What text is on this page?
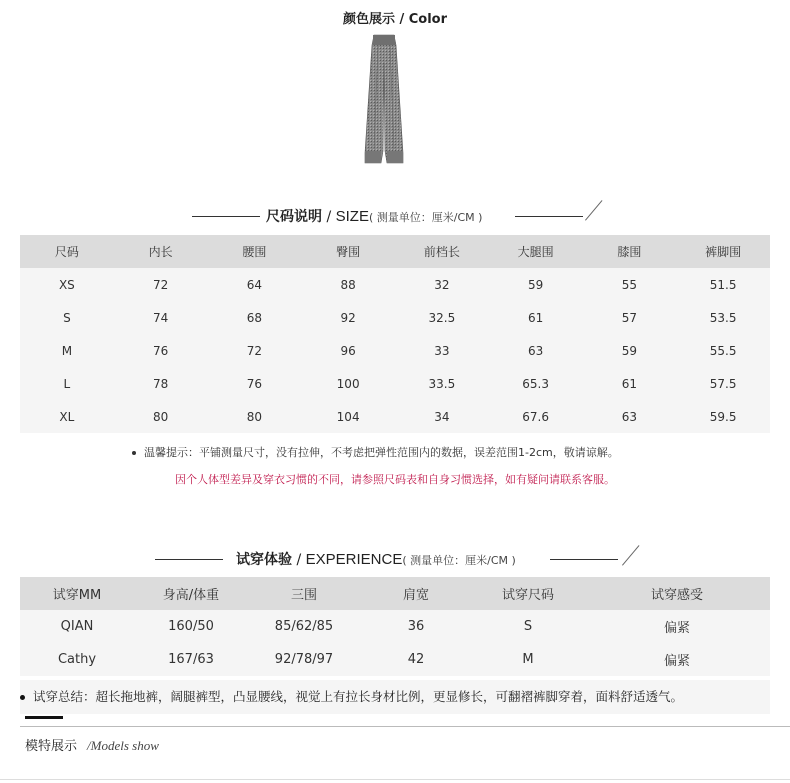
颜色展示 / Color
尺码说明 / SIZE( 测量单位：厘米/CM )
尺码	内长	腰围	臀围	前档长	大腿围	膝围	裤脚围
XS	72	64	88	32	59	55	51.5
S	74	68	92	32.5	61	57	53.5
M	76	72	96	33	63	59	55.5
L	78	76	100	33.5	65.3	61	57.5
XL	80	80	104	34	67.6	63	59.5
温馨提示：平铺测量尺寸，没有拉伸，不考虑把弹性范围内的数据，误差范围1-2cm，敬请谅解。
因个人体型差异及穿衣习惯的不同，请参照尺码表和自身习惯选择，如有疑问请联系客服。
试穿体验 / EXPERIENCE( 测量单位：厘米/CM )
试穿MM	身高/体重	三围	肩宽	试穿尺码	试穿感受
QIAN	160/50	85/62/85	36	S	偏紧
Cathy	167/63	92/78/97	42	M	偏紧
试穿总结：超长拖地裤，阔腿裤型，凸显腰线，视觉上有拉长身材比例，更显修长，可翻褶裤脚穿着，面料舒适透气。
模特展示 /Models show
